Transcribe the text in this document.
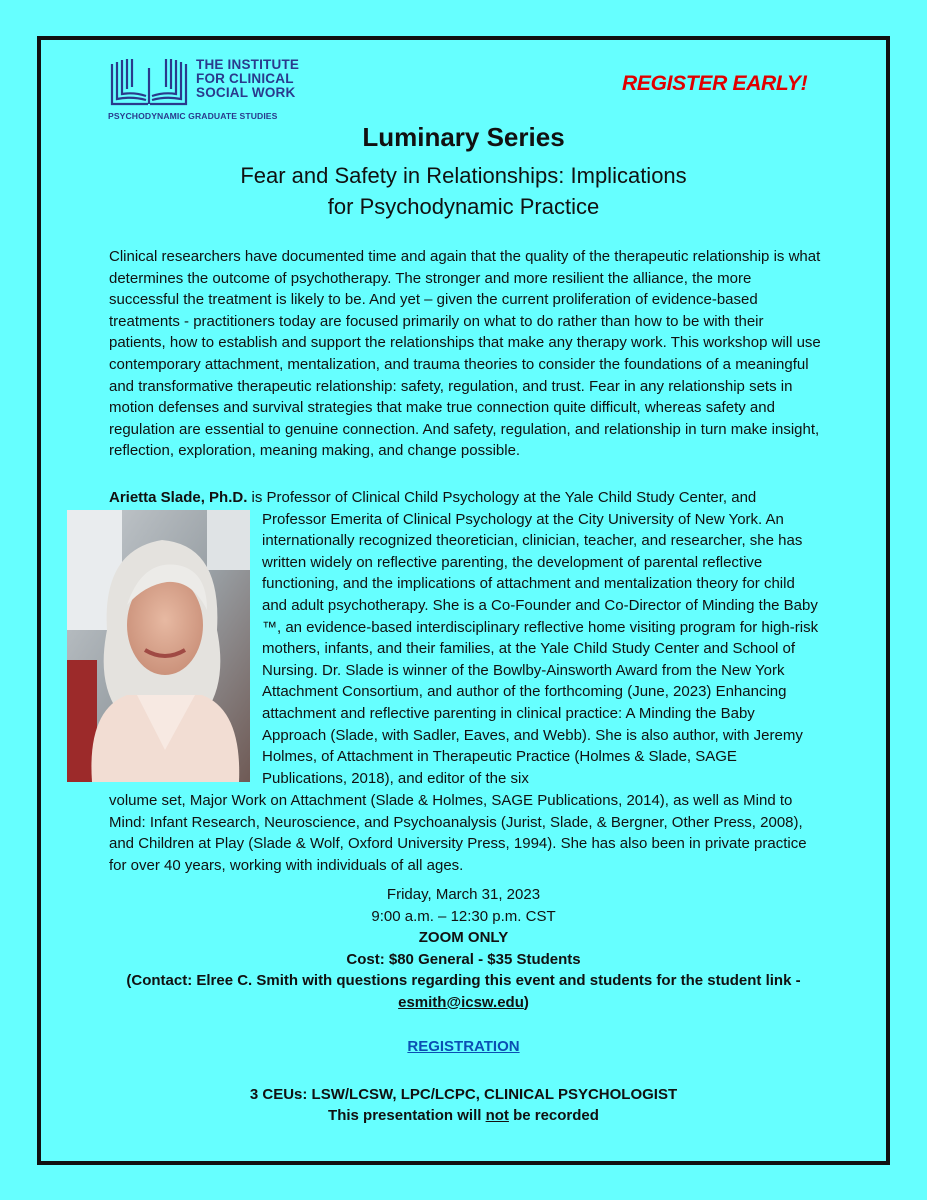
THE INSTITUTE
FOR CLINICAL
SOCIAL WORK
PSYCHODYNAMIC GRADUATE STUDIES
REGISTER EARLY!
Luminary Series
Fear and Safety in Relationships: Implications
for Psychodynamic Practice
Clinical researchers have documented time and again that the quality of the therapeutic relationship is what determines the outcome of psychotherapy. The stronger and more resilient the alliance, the more successful the treatment is likely to be. And yet – given the current proliferation of evidence-based treatments - practitioners today are focused primarily on what to do rather than how to be with their patients, how to establish and support the relationships that make any therapy work. This workshop will use contemporary attachment, mentalization, and trauma theories to consider the foundations of a meaningful and transformative therapeutic relationship: safety, regulation, and trust. Fear in any relationship sets in motion defenses and survival strategies that make true connection quite difficult, whereas safety and regulation are essential to genuine connection. And safety, regulation, and relationship in turn make insight, reflection, exploration, meaning making, and change possible.
Arietta Slade, Ph.D. is Professor of Clinical Child Psychology at the Yale Child Study Center, and
Professor Emerita of Clinical Psychology at the City University of New York. An internationally recognized theoretician, clinician, teacher, and researcher, she has written widely on reflective parenting, the development of parental reflective functioning, and the implications of attachment and mentalization theory for child and adult psychotherapy. She is a Co-Founder and Co-Director of Minding the Baby ™, an evidence-based interdisciplinary reflective home visiting program for high-risk mothers, infants, and their families, at the Yale Child Study Center and School of Nursing. Dr. Slade is winner of the Bowlby-Ainsworth Award from the New York Attachment Consortium, and author of the forthcoming (June, 2023) Enhancing attachment and reflective parenting in clinical practice: A Minding the Baby Approach (Slade, with Sadler, Eaves, and Webb). She is also author, with Jeremy Holmes, of Attachment in Therapeutic Practice (Holmes & Slade, SAGE Publications, 2018), and editor of the six
volume set, Major Work on Attachment (Slade & Holmes, SAGE Publications, 2014), as well as Mind to Mind: Infant Research, Neuroscience, and Psychoanalysis (Jurist, Slade, & Bergner, Other Press, 2008), and Children at Play (Slade & Wolf, Oxford University Press, 1994). She has also been in private practice for over 40 years, working with individuals of all ages.
Friday, March 31, 2023
9:00 a.m. – 12:30 p.m. CST
ZOOM ONLY
Cost: $80 General - $35 Students
(Contact: Elree C. Smith with questions regarding this event and students for the student link -
esmith@icsw.edu)
REGISTRATION
3 CEUs: LSW/LCSW, LPC/LCPC, CLINICAL PSYCHOLOGIST
This presentation will not be recorded
